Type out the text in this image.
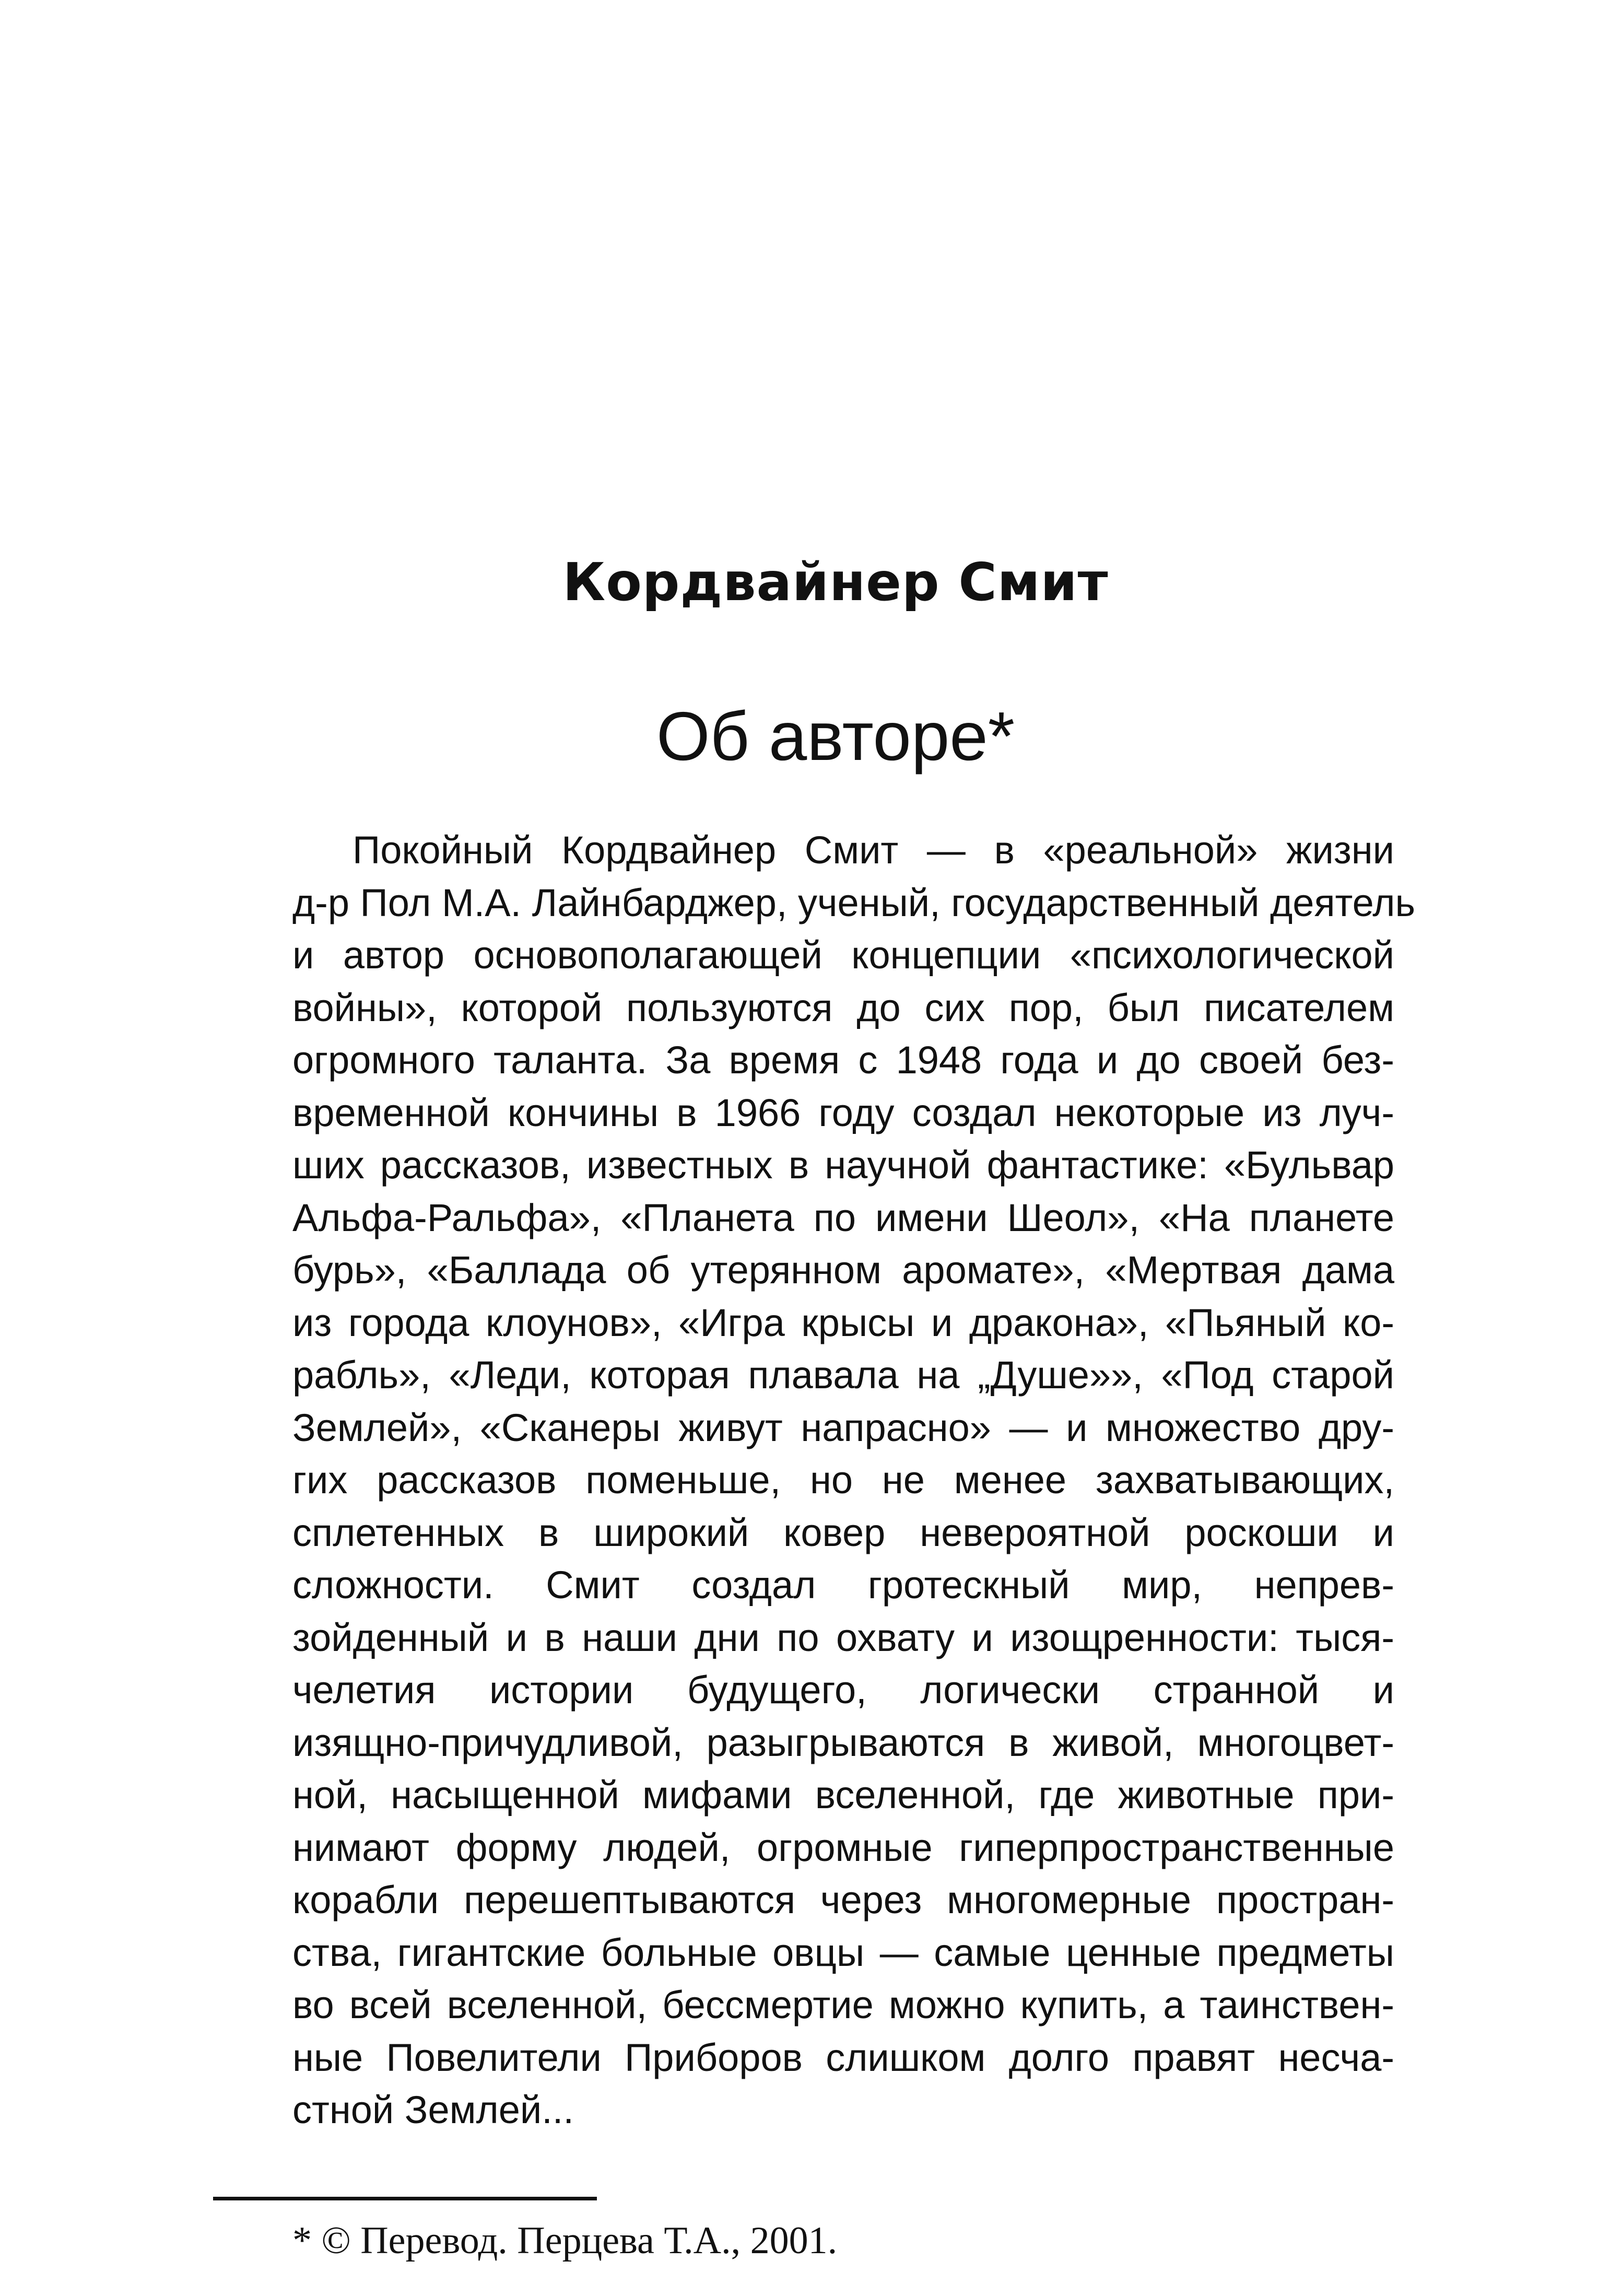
Кордвайнер Смит
Об авторе*
Покойный Кордвайнер Смит — в «реальной» жизни
д-р Пол М.А. Лайнбарджер, ученый, государственный деятель
и автор основополагающей концепции «психологической
войны», которой пользуются до сих пор, был писателем
огромного таланта. За время с 1948 года и до своей без-
временной кончины в 1966 году создал некоторые из луч-
ших рассказов, известных в научной фантастике: «Бульвар
Альфа-Ральфа», «Планета по имени Шеол», «На планете
бурь», «Баллада об утерянном аромате», «Мертвая дама
из города клоунов», «Игра крысы и дракона», «Пьяный ко-
рабль», «Леди, которая плавала на „Душе»», «Под старой
Землей», «Сканеры живут напрасно» — и множество дру-
гих рассказов поменьше, но не менее захватывающих,
сплетенных в широкий ковер невероятной роскоши и
сложности. Смит создал гротескный мир, непрев-
зойденный и в наши дни по охвату и изощренности: тыся-
челетия истории будущего, логически странной и
изящно-причудливой, разыгрываются в живой, многоцвет-
ной, насыщенной мифами вселенной, где животные при-
нимают форму людей, огромные гиперпространственные
корабли перешептываются через многомерные простран-
ства, гигантские больные овцы — самые ценные предметы
во всей вселенной, бессмертие можно купить, а таинствен-
ные Повелители Приборов слишком долго правят несча-
стной Землей...
* © Перевод. Перцева Т.А., 2001.
